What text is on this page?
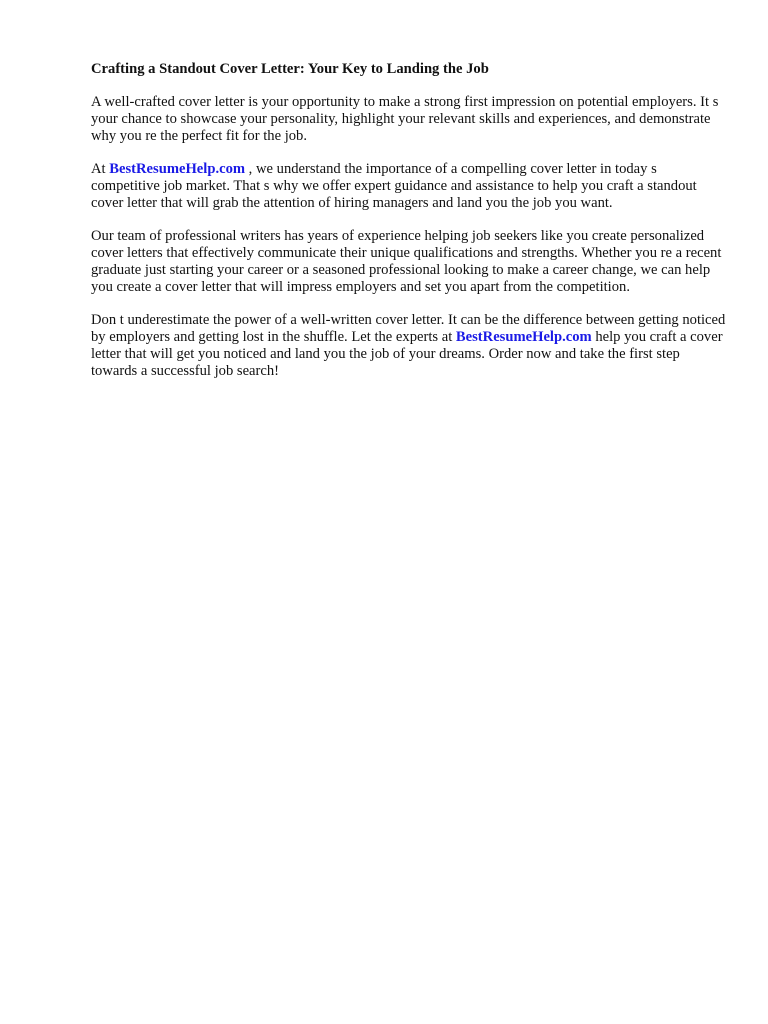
Crafting a Standout Cover Letter: Your Key to Landing the Job

A well-crafted cover letter is your opportunity to make a strong first impression on potential employers. It s your chance to showcase your personality, highlight your relevant skills and experiences, and demonstrate why you re the perfect fit for the job.

At BestResumeHelp.com , we understand the importance of a compelling cover letter in today s competitive job market. That s why we offer expert guidance and assistance to help you craft a standout cover letter that will grab the attention of hiring managers and land you the job you want.

Our team of professional writers has years of experience helping job seekers like you create personalized cover letters that effectively communicate their unique qualifications and strengths. Whether you re a recent graduate just starting your career or a seasoned professional looking to make a career change, we can help you create a cover letter that will impress employers and set you apart from the competition.

Don t underestimate the power of a well-written cover letter. It can be the difference between getting noticed by employers and getting lost in the shuffle. Let the experts at BestResumeHelp.com help you craft a cover letter that will get you noticed and land you the job of your dreams. Order now and take the first step towards a successful job search!
